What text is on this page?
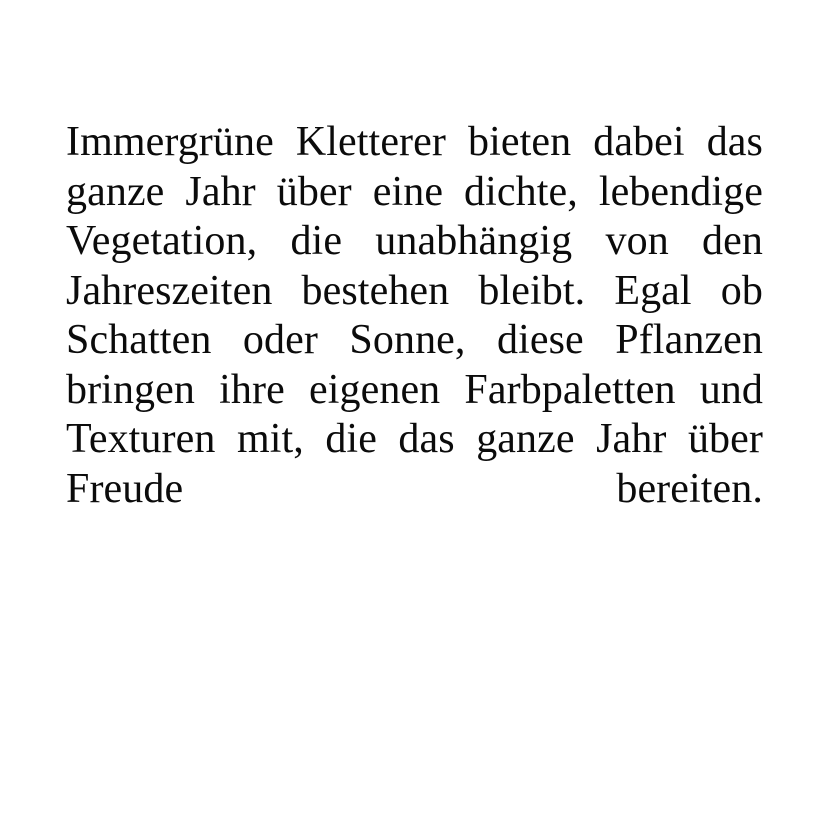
Immergrüne Kletterer bieten dabei das ganze Jahr über eine dichte, lebendige Vegetation, die unabhängig von den Jahreszeiten bestehen bleibt. Egal ob Schatten oder Sonne, diese Pflanzen bringen ihre eigenen Farbpaletten und Texturen mit, die das ganze Jahr über Freude bereiten.
